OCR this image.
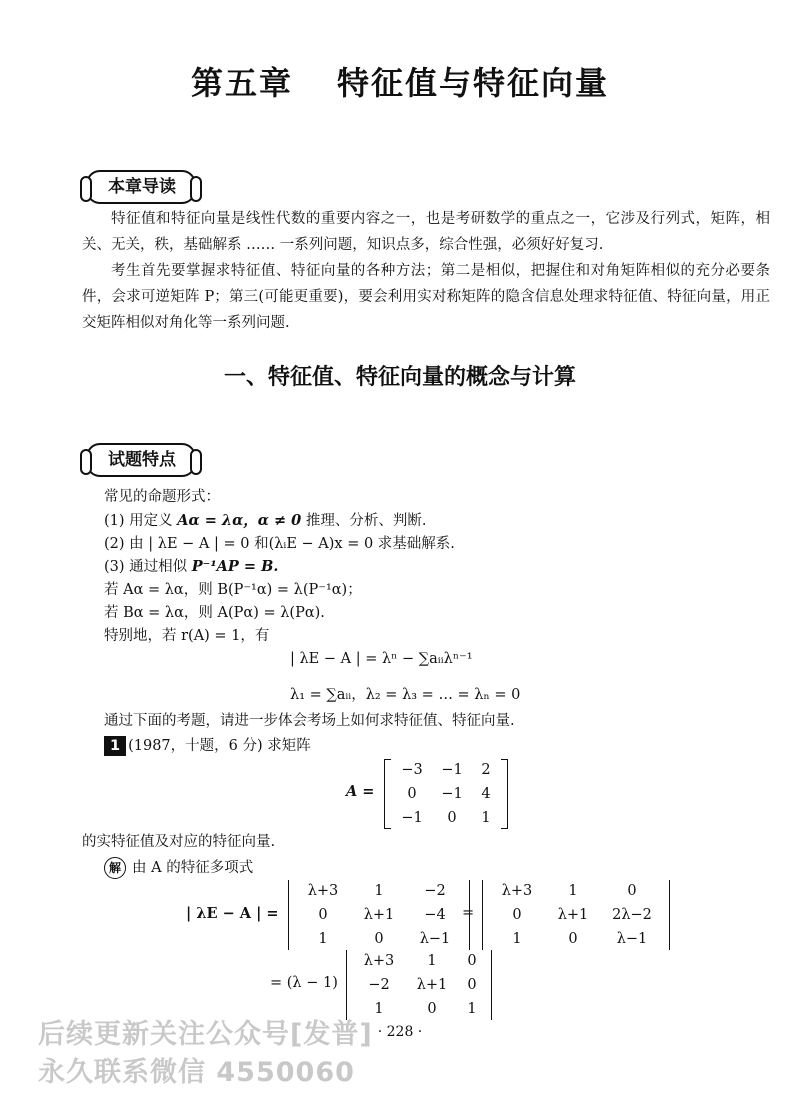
第五章 特征值与特征向量
本章导读

特征值和特征向量是线性代数的重要内容之一，也是考研数学的重点之一，它涉及行列式，矩阵，相关、无关，秩，基础解系 …… 一系列问题，知识点多，综合性强，必须好好复习.

考生首先要掌握求特征值、特征向量的各种方法；第二是相似，把握住和对角矩阵相似的充分必要条件，会求可逆矩阵 P；第三(可能更重要)，要会利用实对称矩阵的隐含信息处理求特征值、特征向量，用正交矩阵相似对角化等一系列问题.

一、特征值、特征向量的概念与计算
试题特点
常见的命题形式：
(1) 用定义 Aα = λα，α ≠ 0 推理、分析、判断.
(2) 由 | λE − A | = 0 和(λᵢE − A)x = 0 求基础解系.
(3) 通过相似 P⁻¹AP = B.
若 Aα = λα，则 B(P⁻¹α) = λ(P⁻¹α)；
若 Bα = λα，则 A(Pα) = λ(Pα).
特别地，若 r(A) = 1，有
| λE − A | = λⁿ − ∑aᵢᵢλⁿ⁻¹
λ₁ = ∑aᵢᵢ，λ₂ = λ₃ = … = λₙ = 0
通过下面的考题，请进一步体会考场上如何求特征值、特征向量.
1 (1987，十题，6 分) 求矩阵
A =
−3	−1	2
0	−1	4
−1	0	1
的实特征值及对应的特征向量.
解 由 A 的特征多项式
| λE − A | =
λ+3	1	−2
0	λ+1	−4
1	0	λ−1
=
λ+3	1	0
0	λ+1	2λ−2
1	0	λ−1
= (λ − 1)
λ+3	1	0
−2	λ+1	0
1	0	1
· 228 ·
后续更新关注公众号[发普]
永久联系微信 4550060
